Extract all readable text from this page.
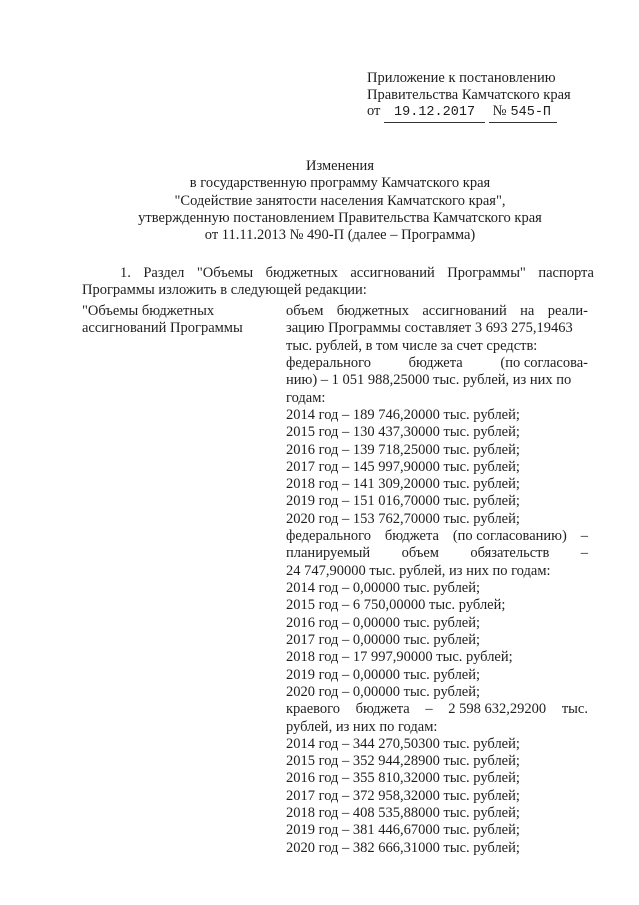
Приложение к постановлению
Правительства Камчатского края
от 19.12.2017 № 545-П
Изменения
в государственную программу Камчатского края
"Содействие занятости населения Камчатского края",
утвержденную постановлением Правительства Камчатского края
от 11.11.2013 № 490-П (далее – Программа)
1. Раздел "Объемы бюджетных ассигнований Программы" паспорта Программы изложить в следующей редакции:
"Объемы бюджетных
ассигнований Программы
объем бюджетных ассигнований на реали-
зацию Программы составляет 3 693 275,19463
тыс. рублей, в том числе за счет средств:
федерального	бюджета	(по согласова-
нию) – 1 051 988,25000 тыс. рублей, из них по
годам:
2014 год – 189 746,20000 тыс. рублей;
2015 год – 130 437,30000 тыс. рублей;
2016 год – 139 718,25000 тыс. рублей;
2017 год – 145 997,90000 тыс. рублей;
2018 год – 141 309,20000 тыс. рублей;
2019 год – 151 016,70000 тыс. рублей;
2020 год – 153 762,70000 тыс. рублей;
федерального бюджета (по согласованию) –
планируемый объем обязательств –
24 747,90000 тыс. рублей, из них по годам:
2014 год – 0,00000 тыс. рублей;
2015 год – 6 750,00000 тыс. рублей;
2016 год – 0,00000 тыс. рублей;
2017 год – 0,00000 тыс. рублей;
2018 год – 17 997,90000 тыс. рублей;
2019 год – 0,00000 тыс. рублей;
2020 год – 0,00000 тыс. рублей;
краевого бюджета – 2 598 632,29200 тыс.
рублей, из них по годам:
2014 год – 344 270,50300 тыс. рублей;
2015 год – 352 944,28900 тыс. рублей;
2016 год – 355 810,32000 тыс. рублей;
2017 год – 372 958,32000 тыс. рублей;
2018 год – 408 535,88000 тыс. рублей;
2019 год – 381 446,67000 тыс. рублей;
2020 год – 382 666,31000 тыс. рублей;
